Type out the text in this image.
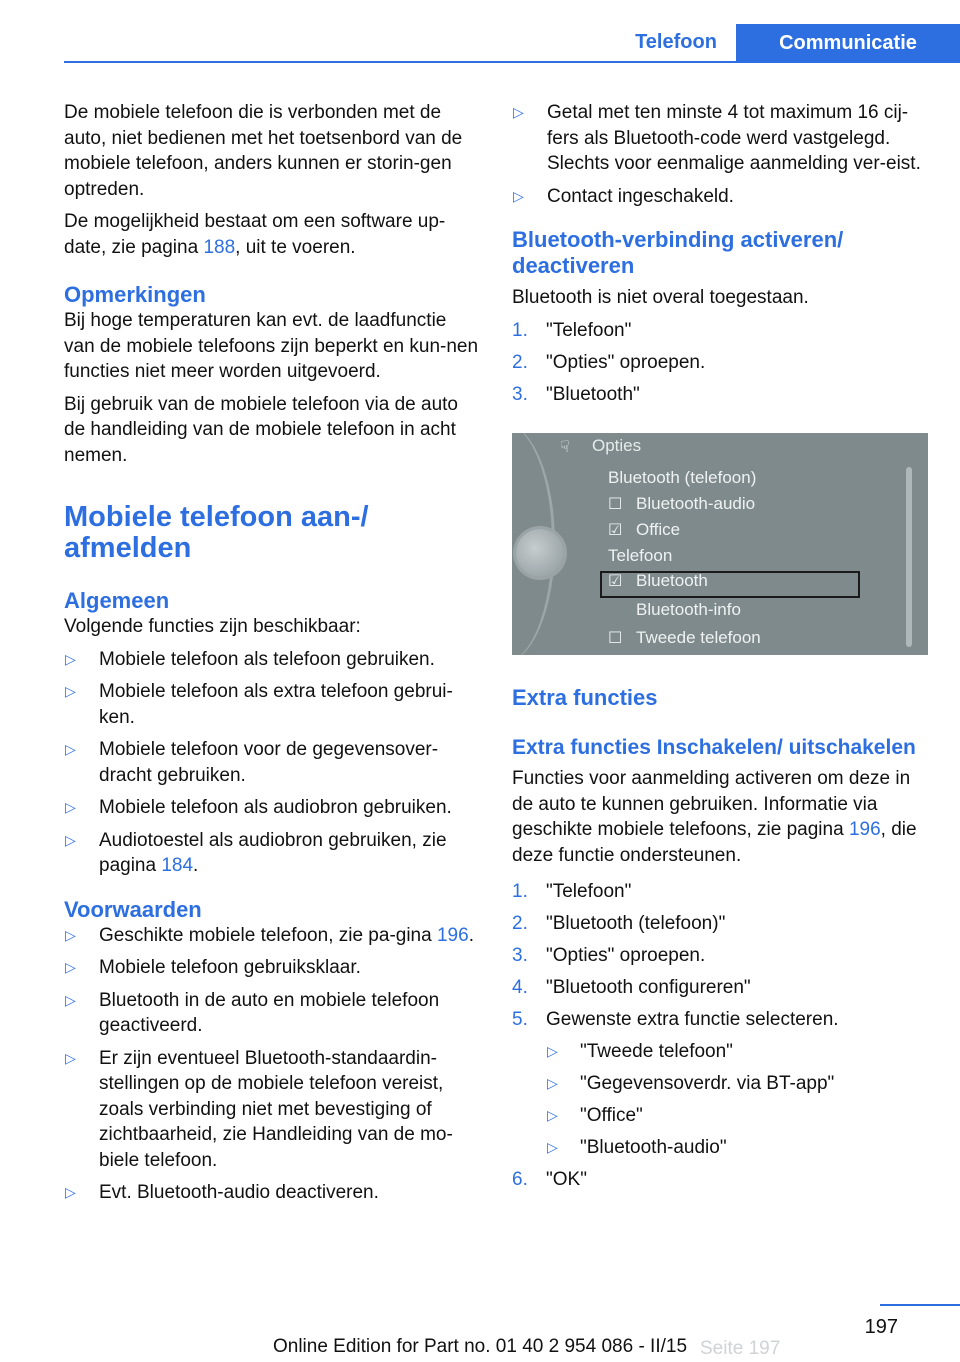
Telefoon	Communicatie

De mobiele telefoon die is verbonden met de auto, niet bedienen met het toetsenbord van de mobiele telefoon, anders kunnen er storin-gen optreden.

De mogelijkheid bestaat om een software up-date, zie pagina 188, uit te voeren.

Opmerkingen

Bij hoge temperaturen kan evt. de laadfunctie van de mobiele telefoons zijn beperkt en kun-nen functies niet meer worden uitgevoerd.

Bij gebruik van de mobiele telefoon via de auto de handleiding van de mobiele telefoon in acht nemen.

Mobiele telefoon aan-/ afmelden
Algemeen

Volgende functies zijn beschikbaar:

▷ Mobiele telefoon als telefoon gebruiken.
▷ Mobiele telefoon als extra telefoon gebrui-ken.
▷ Mobiele telefoon voor de gegevensover-dracht gebruiken.
▷ Mobiele telefoon als audiobron gebruiken.
▷ Audiotoestel als audiobron gebruiken, zie pagina 184.
Voorwaarden
▷ Geschikte mobiele telefoon, zie pa-gina 196.
▷ Mobiele telefoon gebruiksklaar.
▷ Bluetooth in de auto en mobiele telefoon geactiveerd.
▷ Er zijn eventueel Bluetooth-standaardin-stellingen op de mobiele telefoon vereist, zoals verbinding niet met bevestiging of zichtbaarheid, zie Handleiding van de mo-biele telefoon.
▷ Evt. Bluetooth-audio deactiveren.
▷ Getal met ten minste 4 tot maximum 16 cij-fers als Bluetooth-code werd vastgelegd. Slechts voor eenmalige aanmelding ver-eist.
▷ Contact ingeschakeld.
Bluetooth-verbinding activeren/ deactiveren

Bluetooth is niet overal toegestaan.

1. "Telefoon"
2. "Opties" oproepen.
3. "Bluetooth"
☟ Opties
Bluetooth (telefoon)
☐ Bluetooth-audio
☑ Office
Telefoon
☑ Bluetooth
Bluetooth-info
☐ Tweede telefoon
Extra functies
Extra functies Inschakelen/ uitschakelen

Functies voor aanmelding activeren om deze in de auto te kunnen gebruiken. Informatie via geschikte mobiele telefoons, zie pagina 196, die deze functie ondersteunen.

1. "Telefoon"
2. "Bluetooth (telefoon)"
3. "Opties" oproepen.
4. "Bluetooth configureren"
5. Gewenste extra functie selecteren.
▷ "Tweede telefoon"
▷ "Gegevensoverdr. via BT-app"
▷ "Office"
▷ "Bluetooth-audio"
6. "OK"
197
Online Edition for Part no. 01 40 2 954 086 - II/15 Seite 197
